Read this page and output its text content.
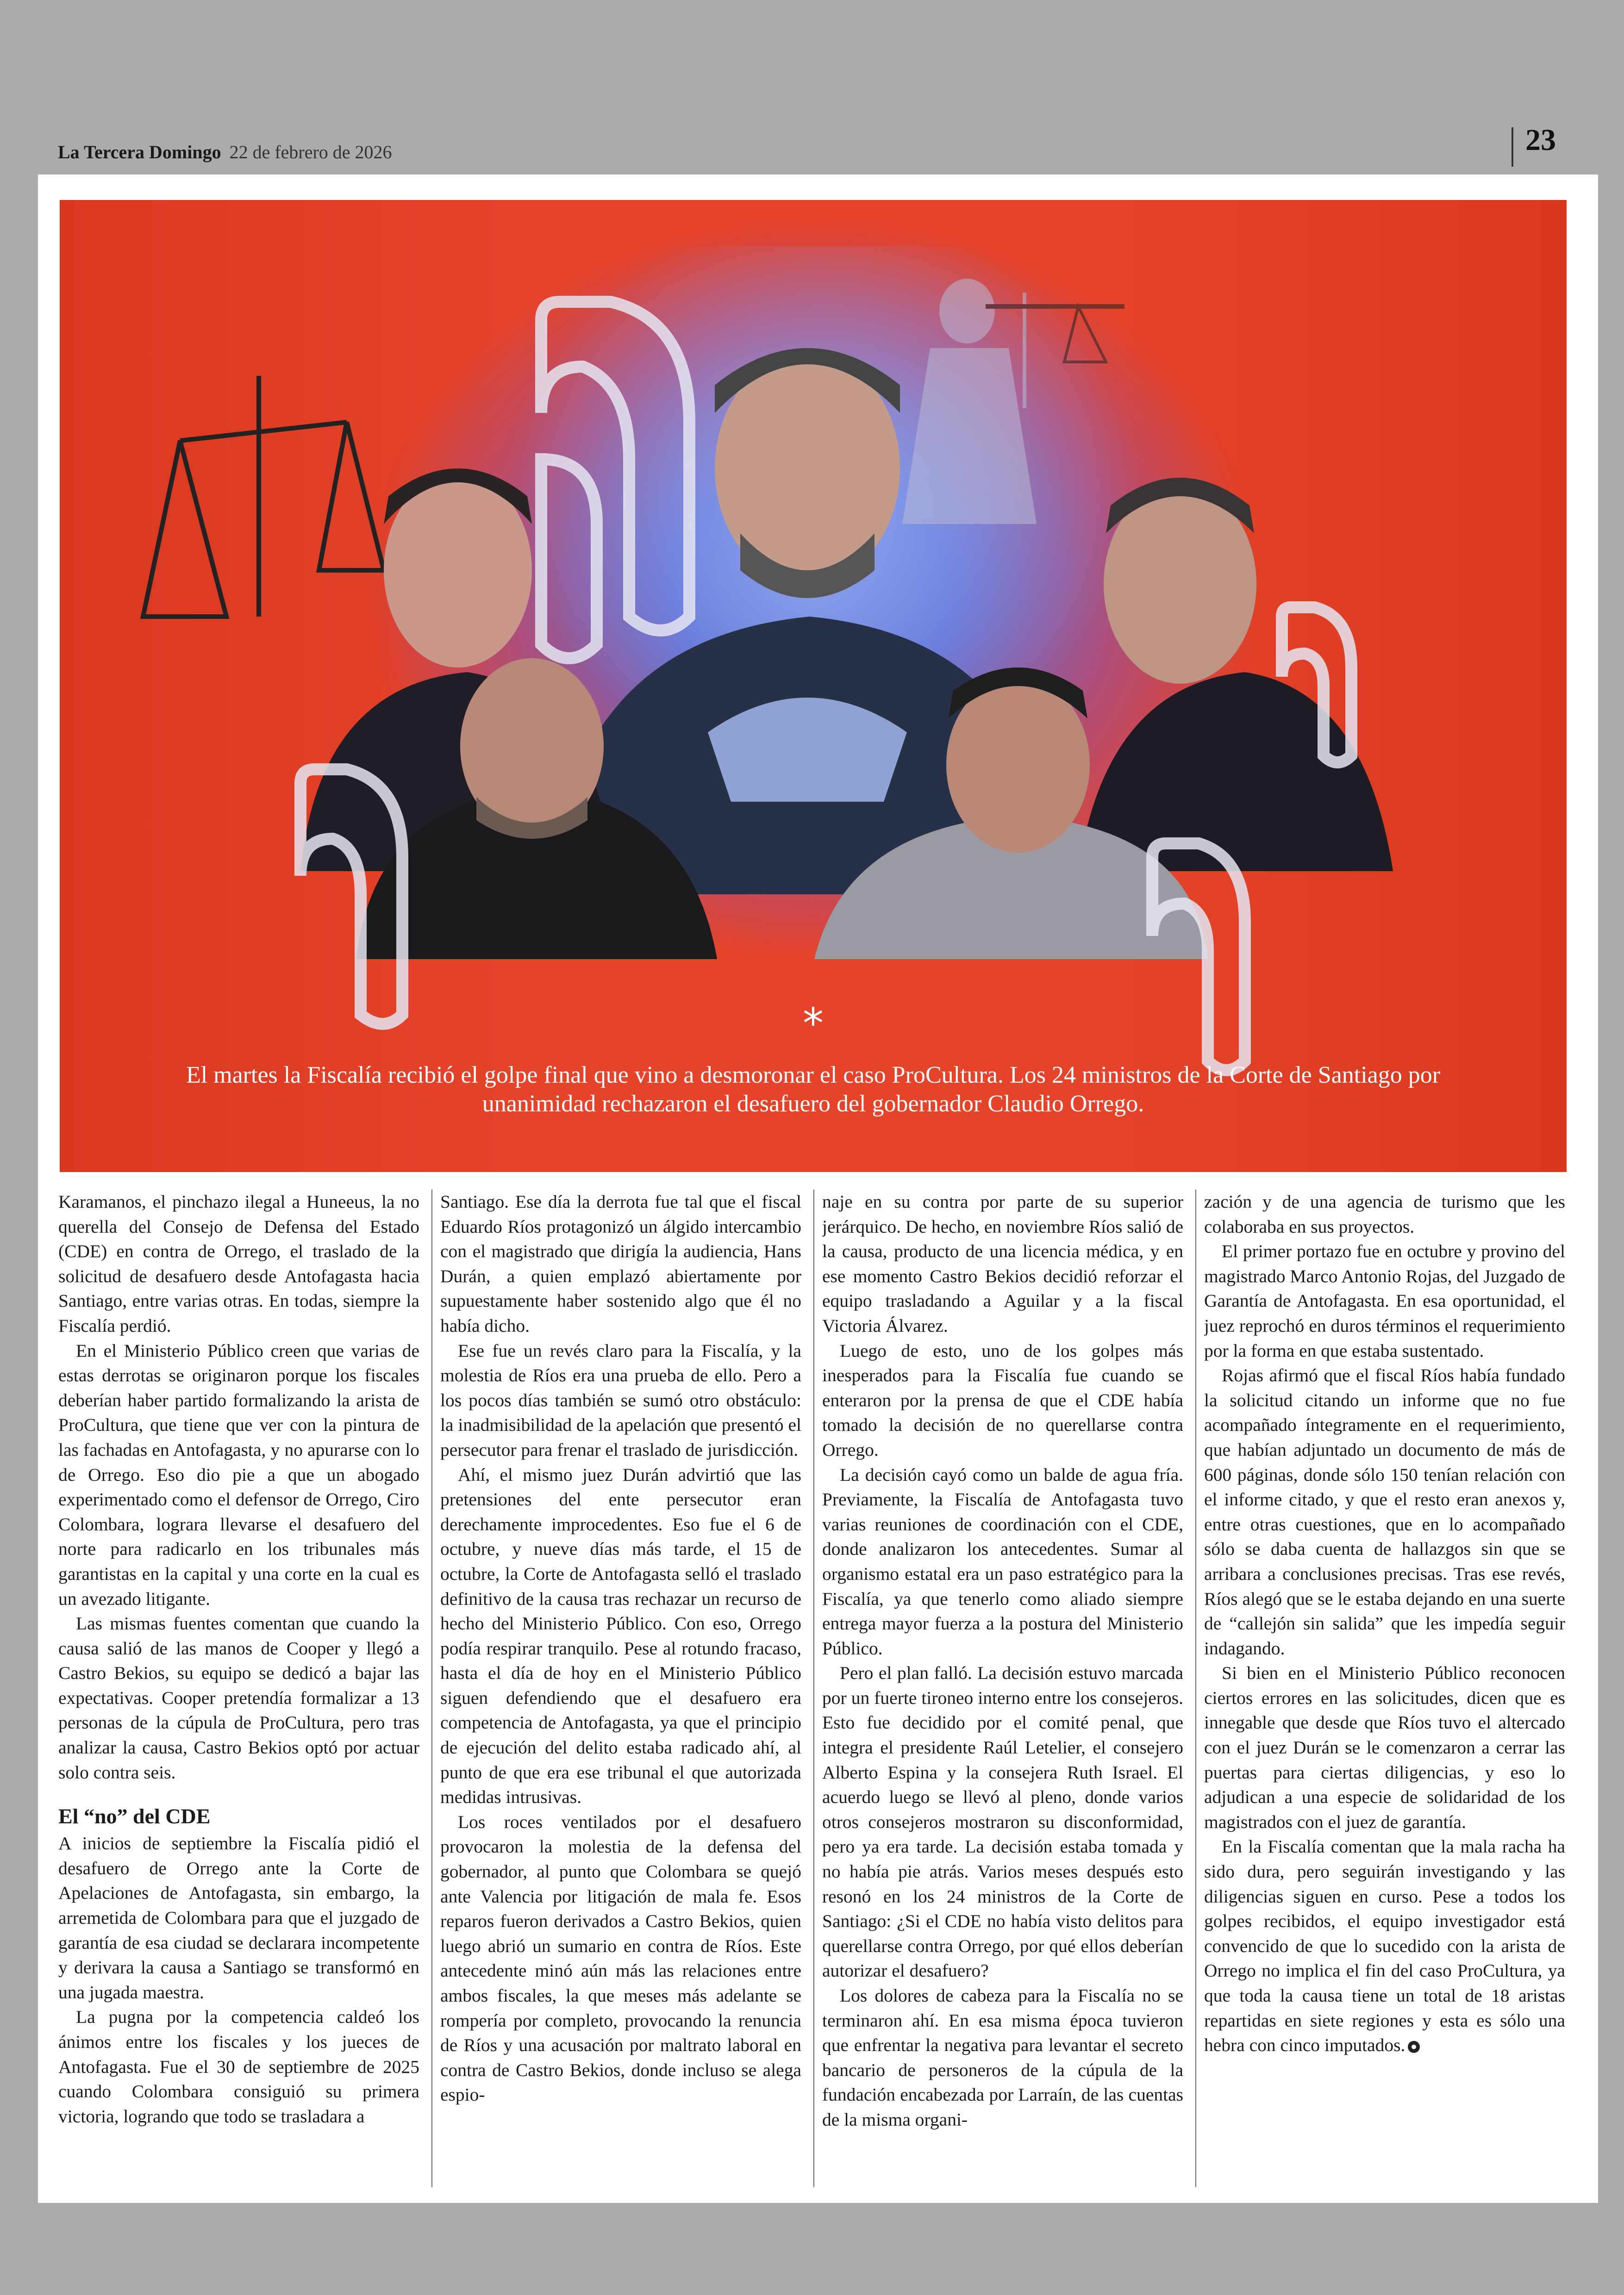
La Tercera Domingo 22 de febrero de 2026	23
*
El martes la Fiscalía recibió el golpe final que vino a desmoronar el caso ProCultura. Los 24 ministros de la Corte de Santiago por unanimidad rechazaron el desafuero del gobernador Claudio Orrego.

Karamanos, el pinchazo ilegal a Huneeus, la no querella del Consejo de Defensa del Estado (CDE) en contra de Orrego, el traslado de la solicitud de desafuero desde Antofagasta hacia Santiago, entre varias otras. En todas, siempre la Fiscalía perdió.

En el Ministerio Público creen que varias de estas derrotas se originaron porque los fiscales deberían haber partido formalizando la arista de ProCultura, que tiene que ver con la pintura de las fachadas en Antofagasta, y no apurarse con lo de Orrego. Eso dio pie a que un abogado experimentado como el defensor de Orrego, Ciro Colombara, lograra llevarse el desafuero del norte para radicarlo en los tribunales más garantistas en la capital y una corte en la cual es un avezado litigante.

Las mismas fuentes comentan que cuando la causa salió de las manos de Cooper y llegó a Castro Bekios, su equipo se dedicó a bajar las expectativas. Cooper pretendía formalizar a 13 personas de la cúpula de ProCultura, pero tras analizar la causa, Castro Bekios optó por actuar solo contra seis.

El “no” del CDE

A inicios de septiembre la Fiscalía pidió el desafuero de Orrego ante la Corte de Apelaciones de Antofagasta, sin embargo, la arremetida de Colombara para que el juzgado de garantía de esa ciudad se declarara incompetente y derivara la causa a Santiago se transformó en una jugada maestra.

La pugna por la competencia caldeó los ánimos entre los fiscales y los jueces de Antofagasta. Fue el 30 de septiembre de 2025 cuando Colombara consiguió su primera victoria, logrando que todo se trasladara a

Santiago. Ese día la derrota fue tal que el fiscal Eduardo Ríos protagonizó un álgido intercambio con el magistrado que dirigía la audiencia, Hans Durán, a quien emplazó abiertamente por supuestamente haber sostenido algo que él no había dicho.

Ese fue un revés claro para la Fiscalía, y la molestia de Ríos era una prueba de ello. Pero a los pocos días también se sumó otro obstáculo: la inadmisibilidad de la apelación que presentó el persecutor para frenar el traslado de jurisdicción.

Ahí, el mismo juez Durán advirtió que las pretensiones del ente persecutor eran derechamente improcedentes. Eso fue el 6 de octubre, y nueve días más tarde, el 15 de octubre, la Corte de Antofagasta selló el traslado definitivo de la causa tras rechazar un recurso de hecho del Ministerio Público. Con eso, Orrego podía respirar tranquilo. Pese al rotundo fracaso, hasta el día de hoy en el Ministerio Público siguen defendiendo que el desafuero era competencia de Antofagasta, ya que el principio de ejecución del delito estaba radicado ahí, al punto de que era ese tribunal el que autorizada medidas intrusivas.

Los roces ventilados por el desafuero provocaron la molestia de la defensa del gobernador, al punto que Colombara se quejó ante Valencia por litigación de mala fe. Esos reparos fueron derivados a Castro Bekios, quien luego abrió un sumario en contra de Ríos. Este antecedente minó aún más las relaciones entre ambos fiscales, la que meses más adelante se rompería por completo, provocando la renuncia de Ríos y una acusación por maltrato laboral en contra de Castro Bekios, donde incluso se alega espio-

naje en su contra por parte de su superior jerárquico. De hecho, en noviembre Ríos salió de la causa, producto de una licencia médica, y en ese momento Castro Bekios decidió reforzar el equipo trasladando a Aguilar y a la fiscal Victoria Álvarez.

Luego de esto, uno de los golpes más inesperados para la Fiscalía fue cuando se enteraron por la prensa de que el CDE había tomado la decisión de no querellarse contra Orrego.

La decisión cayó como un balde de agua fría. Previamente, la Fiscalía de Antofagasta tuvo varias reuniones de coordinación con el CDE, donde analizaron los antecedentes. Sumar al organismo estatal era un paso estratégico para la Fiscalía, ya que tenerlo como aliado siempre entrega mayor fuerza a la postura del Ministerio Público.

Pero el plan falló. La decisión estuvo marcada por un fuerte tironeo interno entre los consejeros. Esto fue decidido por el comité penal, que integra el presidente Raúl Letelier, el consejero Alberto Espina y la consejera Ruth Israel. El acuerdo luego se llevó al pleno, donde varios otros consejeros mostraron su disconformidad, pero ya era tarde. La decisión estaba tomada y no había pie atrás. Varios meses después esto resonó en los 24 ministros de la Corte de Santiago: ¿Si el CDE no había visto delitos para querellarse contra Orrego, por qué ellos deberían autorizar el desafuero?

Los dolores de cabeza para la Fiscalía no se terminaron ahí. En esa misma época tuvieron que enfrentar la negativa para levantar el secreto bancario de personeros de la cúpula de la fundación encabezada por Larraín, de las cuentas de la misma organi-

zación y de una agencia de turismo que les colaboraba en sus proyectos.

El primer portazo fue en octubre y provino del magistrado Marco Antonio Rojas, del Juzgado de Garantía de Antofagasta. En esa oportunidad, el juez reprochó en duros términos el requerimiento por la forma en que estaba sustentado.

Rojas afirmó que el fiscal Ríos había fundado la solicitud citando un informe que no fue acompañado íntegramente en el requerimiento, que habían adjuntado un documento de más de 600 páginas, donde sólo 150 tenían relación con el informe citado, y que el resto eran anexos y, entre otras cuestiones, que en lo acompañado sólo se daba cuenta de hallazgos sin que se arribara a conclusiones precisas. Tras ese revés, Ríos alegó que se le estaba dejando en una suerte de “callejón sin salida” que les impedía seguir indagando.

Si bien en el Ministerio Público reconocen ciertos errores en las solicitudes, dicen que es innegable que desde que Ríos tuvo el altercado con el juez Durán se le comenzaron a cerrar las puertas para ciertas diligencias, y eso lo adjudican a una especie de solidaridad de los magistrados con el juez de garantía.

En la Fiscalía comentan que la mala racha ha sido dura, pero seguirán investigando y las diligencias siguen en curso. Pese a todos los golpes recibidos, el equipo investigador está convencido de que lo sucedido con la arista de Orrego no implica el fin del caso ProCultura, ya que toda la causa tiene un total de 18 aristas repartidas en siete regiones y esta es sólo una hebra con cinco imputados.
